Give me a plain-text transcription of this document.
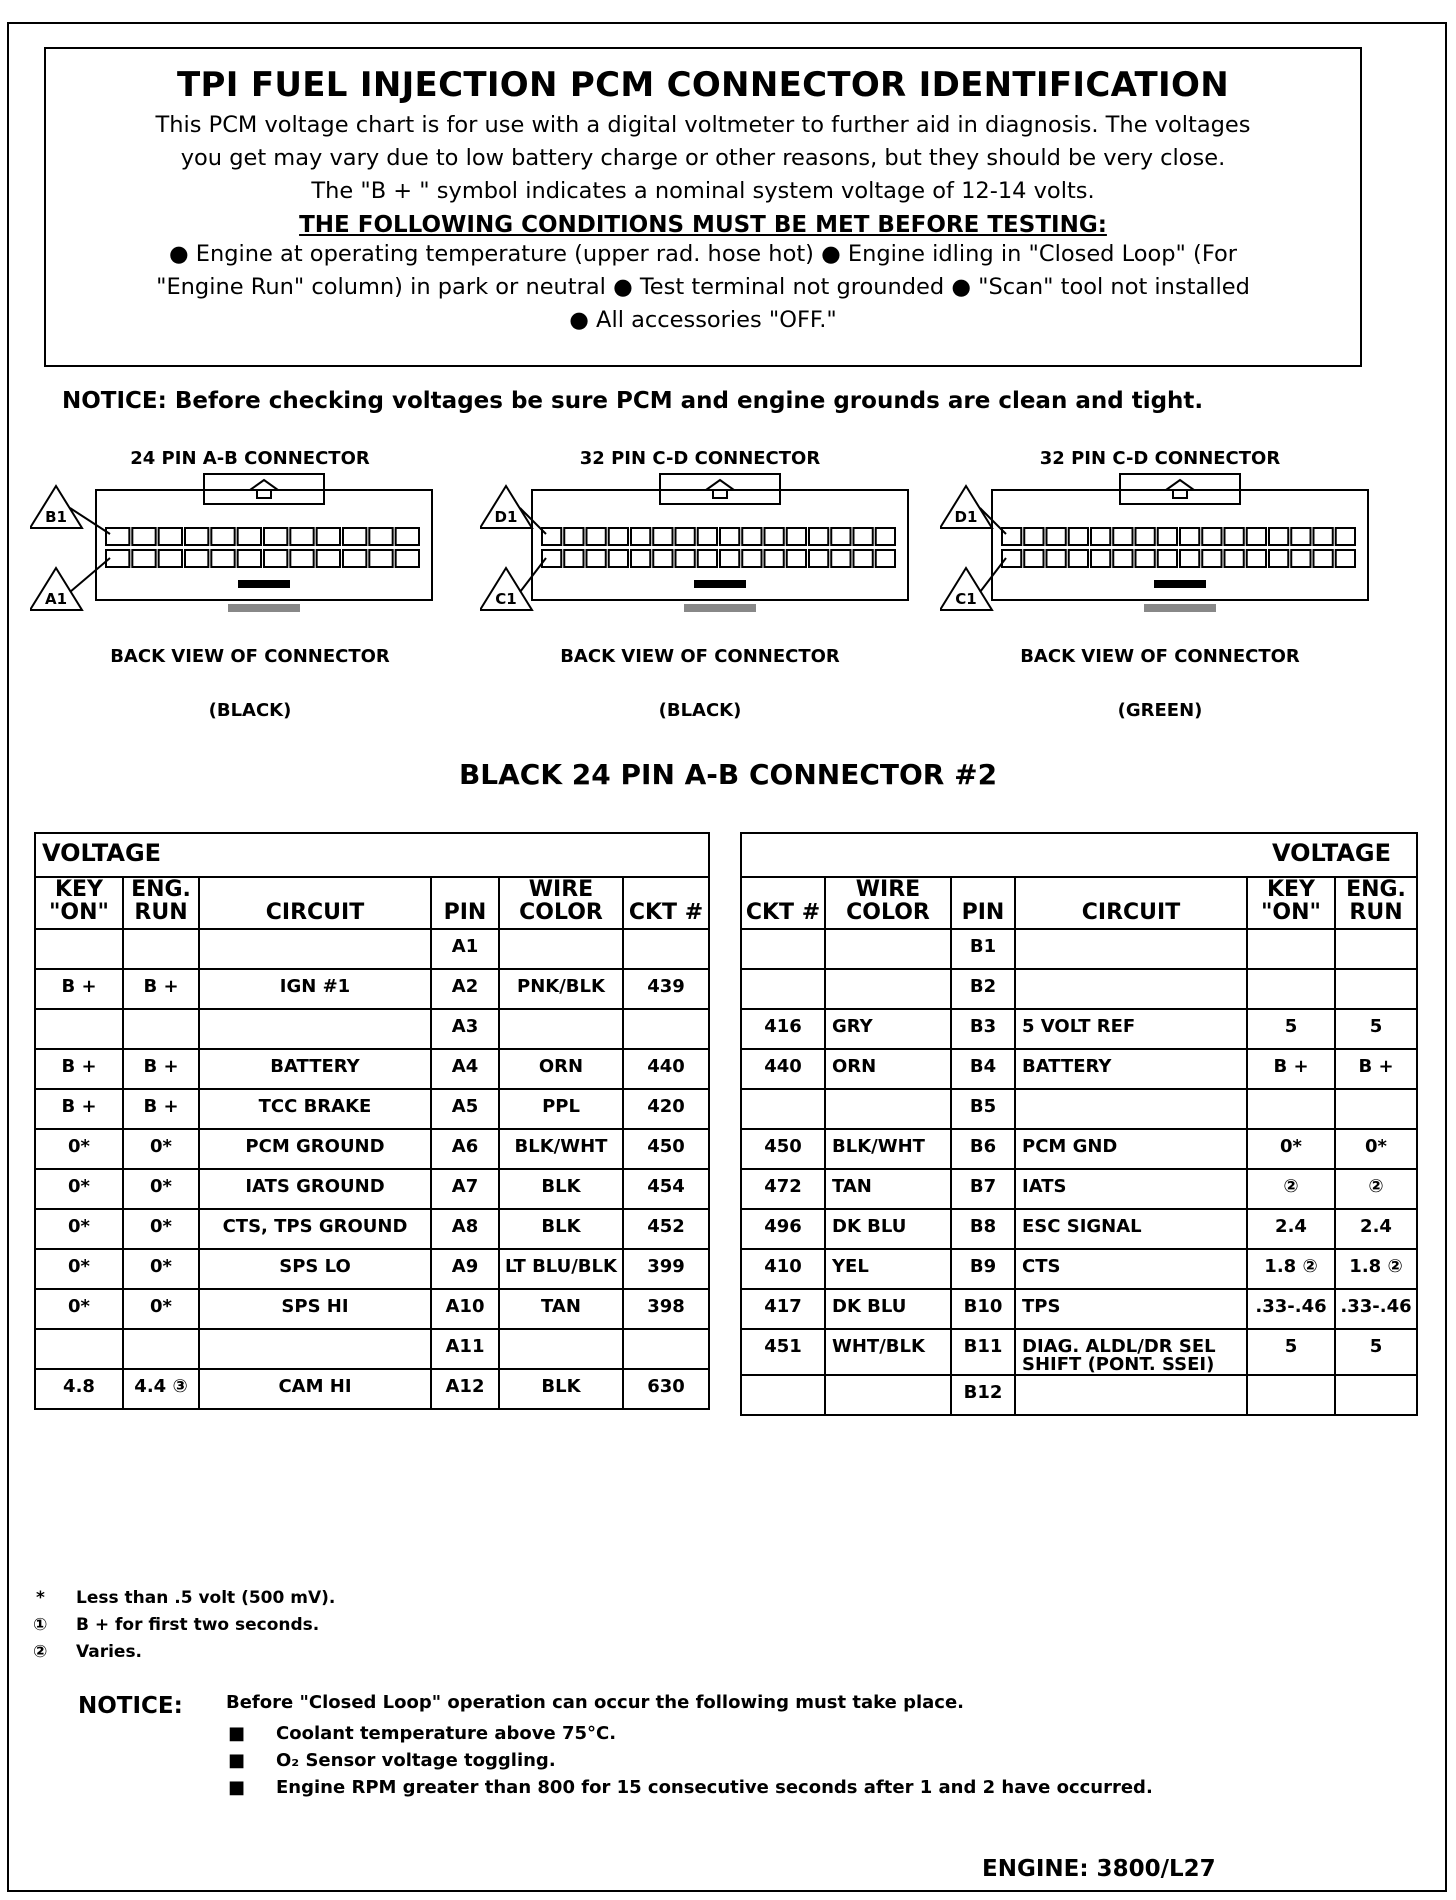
TPI FUEL INJECTION PCM CONNECTOR IDENTIFICATION
This PCM voltage chart is for use with a digital voltmeter to further aid in diagnosis. The voltages
you get may vary due to low battery charge or other reasons, but they should be very close.
The "B + " symbol indicates a nominal system voltage of 12-14 volts.
THE FOLLOWING CONDITIONS MUST BE MET BEFORE TESTING:
● Engine at operating temperature (upper rad. hose hot) ● Engine idling in "Closed Loop" (For
"Engine Run" column) in park or neutral ● Test terminal not grounded ● "Scan" tool not installed
● All accessories "OFF."
NOTICE: Before checking voltages be sure PCM and engine grounds are clean and tight.
24 PIN A-B CONNECTOR
B1
A1
BACK VIEW OF CONNECTOR
(BLACK)
32 PIN C-D CONNECTOR
D1
C1
BACK VIEW OF CONNECTOR
(BLACK)
32 PIN C-D CONNECTOR
D1
C1
BACK VIEW OF CONNECTOR
(GREEN)
BLACK 24 PIN A-B CONNECTOR #2
VOLTAGE					
KEY "ON"	ENG. RUN	CIRCUIT	PIN	WIRE COLOR	CKT #
			A1		
B +	B +	IGN #1	A2	PNK/BLK	439
			A3		
B +	B +	BATTERY	A4	ORN	440
B +	B +	TCC BRAKE	A5	PPL	420
0*	0*	PCM GROUND	A6	BLK/WHT	450
0*	0*	IATS GROUND	A7	BLK	454
0*	0*	CTS, TPS GROUND	A8	BLK	452
0*	0*	SPS LO	A9	LT BLU/BLK	399
0*	0*	SPS HI	A10	TAN	398
			A11		
4.8	4.4 ③	CAM HI	A12	BLK	630
				VOLTAGE	
CKT #	WIRE COLOR	PIN	CIRCUIT	KEY "ON"	ENG. RUN
		B1			
		B2			
416	GRY	B3	5 VOLT REF	5	5
440	ORN	B4	BATTERY	B +	B +
		B5			
450	BLK/WHT	B6	PCM GND	0*	0*
472	TAN	B7	IATS	②	②
496	DK BLU	B8	ESC SIGNAL	2.4	2.4
410	YEL	B9	CTS	1.8 ②	1.8 ②
417	DK BLU	B10	TPS	.33-.46	.33-.46
451	WHT/BLK	B11	DIAG. ALDL/DR SEL SHIFT (PONT. SSEI)	5	5
		B12			
* Less than .5 volt (500 mV).
① B + for first two seconds.
② Varies.
NOTICE: Before "Closed Loop" operation can occur the following must take place.
■ Coolant temperature above 75°C.
■ O₂ Sensor voltage toggling.
■ Engine RPM greater than 800 for 15 consecutive seconds after 1 and 2 have occurred.
ENGINE: 3800/L27
